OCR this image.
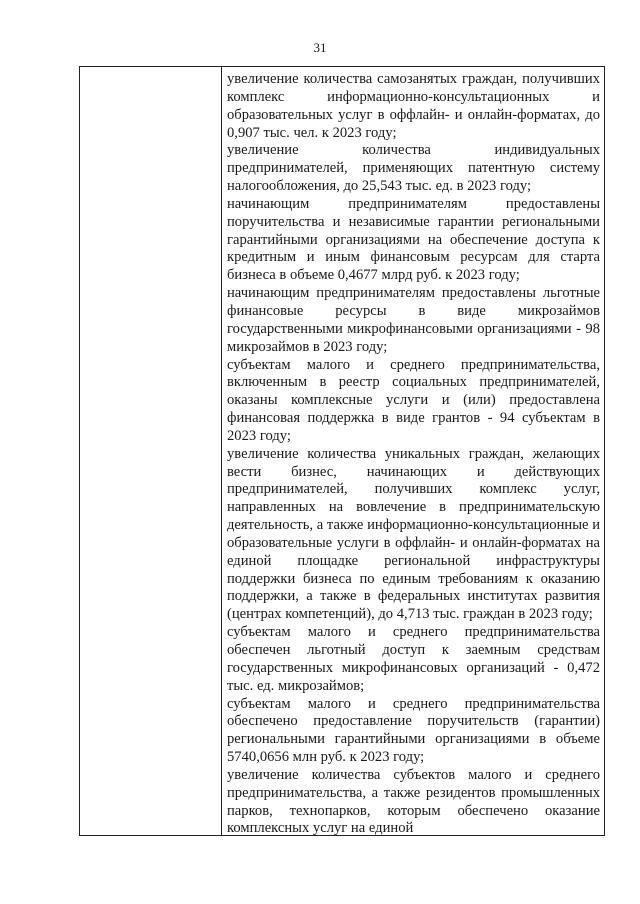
31

увеличение количества самозанятых граждан, получивших комплекс информационно-консультационных и образовательных услуг в оффлайн- и онлайн-форматах, до 0,907 тыс. чел. к 2023 году;

увеличение количества индивидуальных предпринимателей, применяющих патентную систему налогообложения, до 25,543 тыс. ед. в 2023 году;

начинающим предпринимателям предоставлены поручительства и независимые гарантии региональными гарантийными организациями на обеспечение доступа к кредитным и иным финансовым ресурсам для старта бизнеса в объеме 0,4677 млрд руб. к 2023 году;

начинающим предпринимателям предоставлены льготные финансовые ресурсы в виде микрозаймов государственными микрофинансовыми организациями - 98 микрозаймов в 2023 году;

субъектам малого и среднего предпринимательства, включенным в реестр социальных предпринимателей, оказаны комплексные услуги и (или) предоставлена финансовая поддержка в виде грантов - 94 субъектам в 2023 году;

увеличение количества уникальных граждан, желающих вести бизнес, начинающих и действующих предпринимателей, получивших комплекс услуг, направленных на вовлечение в предпринимательскую деятельность, а также информационно-консультационные и образовательные услуги в оффлайн- и онлайн-форматах на единой площадке региональной инфраструктуры поддержки бизнеса по единым требованиям к оказанию поддержки, а также в федеральных институтах развития (центрах компетенций), до 4,713 тыс. граждан в 2023 году;

субъектам малого и среднего предпринимательства обеспечен льготный доступ к заемным средствам государственных микрофинансовых организаций - 0,472 тыс. ед. микрозаймов;

субъектам малого и среднего предпринимательства обеспечено предоставление поручительств (гарантии) региональными гарантийными организациями в объеме 5740,0656 млн руб. к 2023 году;

увеличение количества субъектов малого и среднего предпринимательства, а также резидентов промышленных парков, технопарков, которым обеспечено оказание комплексных услуг на единой
